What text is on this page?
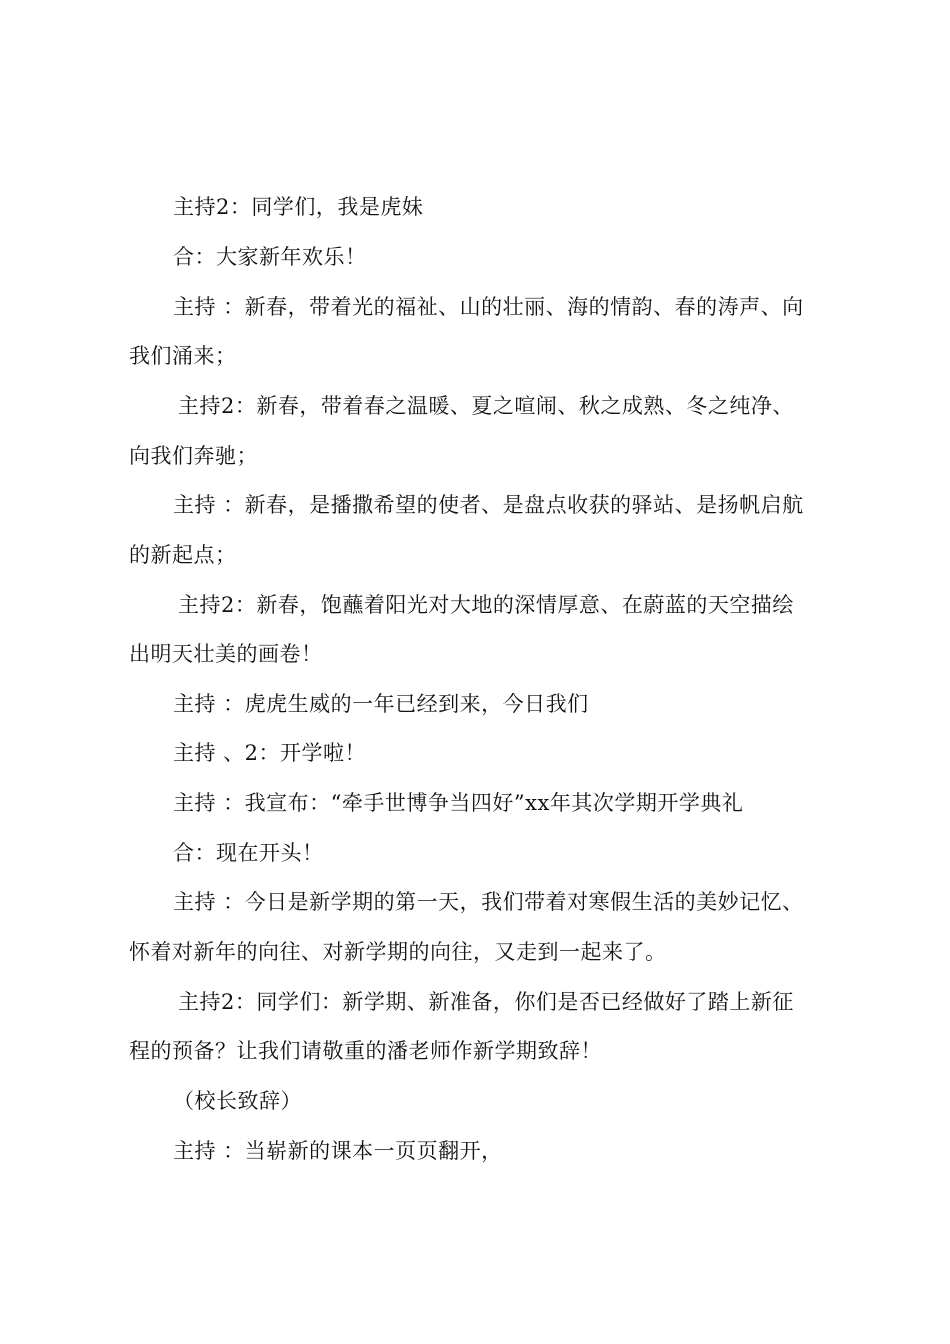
主持2：同学们，我是虎妹
合：大家新年欢乐！
主持 ：新春，带着光的福祉、山的壮丽、海的情韵、春的涛声、向
我们涌来；
主持2：新春，带着春之温暖、夏之喧闹、秋之成熟、冬之纯净、
向我们奔驰；
主持 ：新春，是播撒希望的使者、是盘点收获的驿站、是扬帆启航
的新起点；
主持2：新春，饱蘸着阳光对大地的深情厚意、在蔚蓝的天空描绘
出明天壮美的画卷！
主持 ：虎虎生威的一年已经到来，今日我们
主持 、2：开学啦！
主持 ：我宣布：“牵手世博争当四好”xx年其次学期开学典礼
合：现在开头！
主持 ：今日是新学期的第一天，我们带着对寒假生活的美妙记忆、
怀着对新年的向往、对新学期的向往，又走到一起来了。
主持2：同学们：新学期、新准备，你们是否已经做好了踏上新征
程的预备？让我们请敬重的潘老师作新学期致辞！
（校长致辞）
主持 ：当崭新的课本一页页翻开，
